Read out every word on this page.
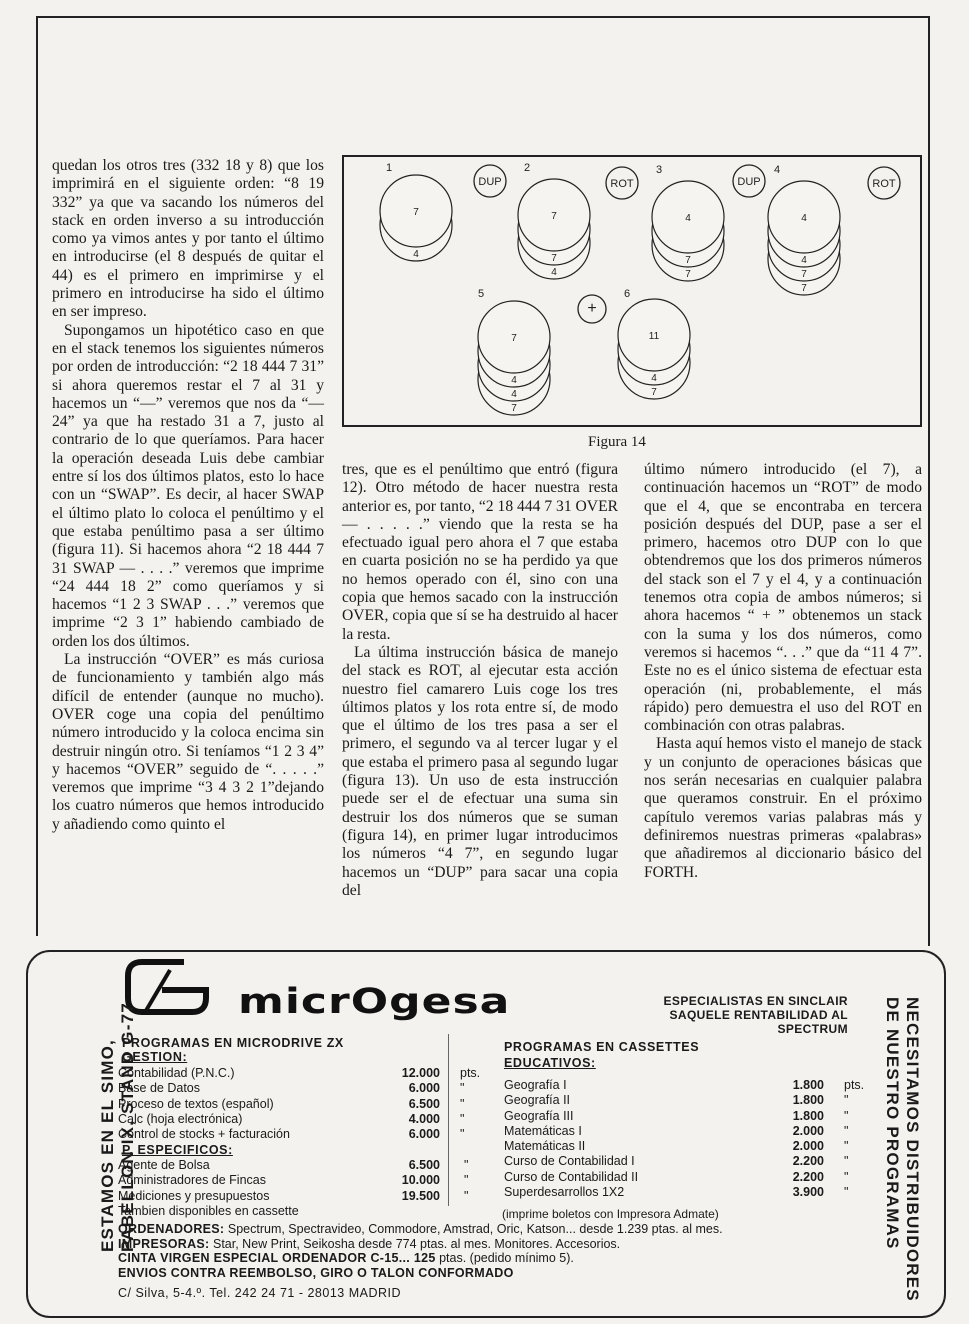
quedan los otros tres (332 18 y 8) que los imprimirá en el siguiente orden: “8 19 332” ya que va sacando los números del stack en orden inverso a su introducción como ya vimos antes y por tanto el último en introducirse (el 8 después de quitar el 44) es el primero en imprimirse y el primero en introducirse ha sido el último en ser impreso.

Supongamos un hipotético caso en que en el stack tenemos los siguientes números por orden de introducción: “2 18 444 7 31” si ahora queremos restar el 7 al 31 y hacemos un “—” veremos que nos da “—24” ya que ha restado 31 a 7, justo al contrario de lo que queríamos. Para hacer la operación deseada Luis debe cambiar entre sí los dos últimos platos, esto lo hace con un “SWAP”. Es decir, al hacer SWAP el último plato lo coloca el penúltimo y el que estaba penúltimo pasa a ser último (figura 11). Si hacemos ahora “2 18 444 7 31 SWAP — . . . .” veremos que imprime “24 444 18 2” como queríamos y si hacemos “1 2 3 SWAP . . .” veremos que imprime “2 3 1” habiendo cambiado de orden los dos últimos.

La instrucción “OVER” es más curiosa de funcionamiento y también algo más difícil de entender (aunque no mucho). OVER coge una copia del penúltimo número introducido y la coloca encima sin destruir ningún otro. Si teníamos “1 2 3 4” y hacemos “OVER” seguido de “. . . . .” veremos que imprime “3 4 3 2 1”dejando los cuatro números que hemos introducido y añadiendo como quinto el

1
7
4
2
7
7
4
3
4
7
7
4
4
4
7
7
5
7
4
4
7
6
11
4
7
DUP	ROT	DUP	ROT
+
Figura 14

tres, que es el penúltimo que entró (figura 12). Otro método de hacer nuestra resta anterior es, por tanto, “2 18 444 7 31 OVER — . . . . .” viendo que la resta se ha efectuado igual pero ahora el 7 que estaba en cuarta posición no se ha perdido ya que no hemos operado con él, sino con una copia que hemos sacado con la instrucción OVER, copia que sí se ha destruido al hacer la resta.

La última instrucción básica de manejo del stack es ROT, al ejecutar esta acción nuestro fiel camarero Luis coge los tres últimos platos y los rota entre sí, de modo que el último de los tres pasa a ser el primero, el segundo va al tercer lugar y el que estaba el primero pasa al segundo lugar (figura 13). Un uso de esta instrucción puede ser el de efectuar una suma sin destruir los dos números que se suman (figura 14), en primer lugar introducimos los números “4 7”, en segundo lugar hacemos un “DUP” para sacar una copia del

último número introducido (el 7), a continuación hacemos un “ROT” de modo que el 4, que se encontraba en tercera posición después del DUP, pase a ser el primero, hacemos otro DUP con lo que obtendremos que los dos primeros números del stack son el 7 y el 4, y a continuación tenemos otra copia de ambos números; si ahora hacemos “ + ” obtenemos un stack con la suma y los dos números, como veremos si hacemos “. . .” que da “11 4 7”. Este no es el único sistema de efectuar esta operación (ni, probablemente, el más rápido) pero demuestra el uso del ROT en combinación con otras palabras.

Hasta aquí hemos visto el manejo de stack y un conjunto de operaciones básicas que nos serán necesarias en cualquier palabra que queramos construir. En el próximo capítulo veremos varias palabras más y definiremos nuestras primeras «palabras» que añadiremos al diccionario básico del FORTH.

micrOgesa	ESPECIALISTAS EN SINCLAIR
SAQUELE RENTABILIDAD AL SPECTRUM
ESTAMOS EN EL SIMO, PABELLON IX, STAND G-77	NECESITAMOS DISTRIBUIDORES
DE NUESTRO PROGRAMAS
PROGRAMAS EN MICRODRIVE ZX
GESTION:
Contabilidad (P.N.C.)	12.000 pts.
Base de Datos	6.000 "
Proceso de textos (español)	6.500 "
Calc (hoja electrónica)	4.000 "
Control de stocks + facturación	6.000 "
P. ESPECIFICOS:
Agente de Bolsa	6.500 "
Administradores de Fincas	10.000 "
Mediciones y presupuestos	19.500 "
Tambien disponibles en cassette
PROGRAMAS EN CASSETTES
EDUCATIVOS:
Geografía I	1.800 pts.
Geografía II	1.800 "
Geografía III	1.800 "
Matemáticas I	2.000 "
Matemáticas II	2.000 "
Curso de Contabilidad I	2.200 "
Curso de Contabilidad II	2.200 "
Superdesarrollos 1X2	3.900 "
(imprime boletos con Impresora Admate)
ORDENADORES: Spectrum, Spectravideo, Commodore, Amstrad, Oric, Katson... desde 1.239 ptas. al mes.
IMPRESORAS: Star, New Print, Seikosha desde 774 ptas. al mes. Monitores. Accesorios.
CINTA VIRGEN ESPECIAL ORDENADOR C-15... 125 ptas. (pedido mínimo 5).
ENVIOS CONTRA REEMBOLSO, GIRO O TALON CONFORMADO
C/ Silva, 5-4.º. Tel. 242 24 71 - 28013 MADRID
